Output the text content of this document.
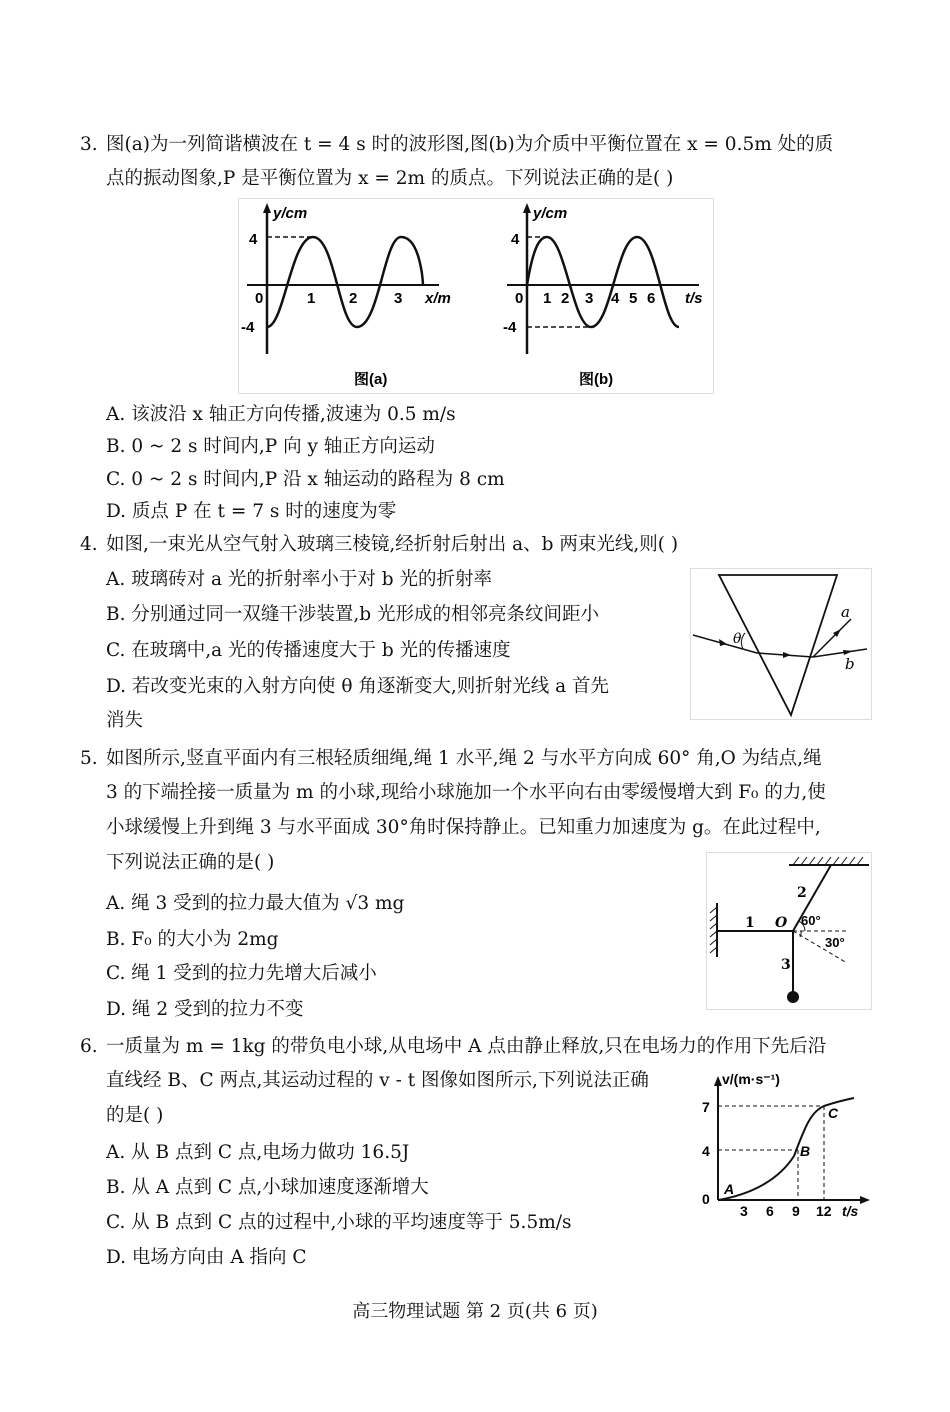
3. 图(a)为一列简谐横波在 t = 4 s 时的波形图,图(b)为介质中平衡位置在 x = 0.5m 处的质
点的振动图象,P 是平衡位置为 x = 2m 的质点。下列说法正确的是( )
y/cm
4
-4
0	1 2 3 x/m
图(a)
y/cm
4
-4
0 1 2 3 4 5 6 t/s
图(b)
A. 该波沿 x 轴正方向传播,波速为 0.5 m/s
B. 0 ~ 2 s 时间内,P 向 y 轴正方向运动
C. 0 ~ 2 s 时间内,P 沿 x 轴运动的路程为 8 cm
D. 质点 P 在 t = 7 s 时的速度为零
4. 如图,一束光从空气射入玻璃三棱镜,经折射后射出 a、b 两束光线,则( )
A. 玻璃砖对 a 光的折射率小于对 b 光的折射率
B. 分别通过同一双缝干涉装置,b 光形成的相邻亮条纹间距小
C. 在玻璃中,a 光的传播速度大于 b 光的传播速度
D. 若改变光束的入射方向使 θ 角逐渐变大,则折射光线 a 首先
消失
θ
a
b
5. 如图所示,竖直平面内有三根轻质细绳,绳 1 水平,绳 2 与水平方向成 60° 角,O 为结点,绳
3 的下端拴接一质量为 m 的小球,现给小球施加一个水平向右由零缓慢增大到 F₀ 的力,使
小球缓慢上升到绳 3 与水平面成 30°角时保持静止。已知重力加速度为 g。在此过程中,
下列说法正确的是( )
A. 绳 3 受到的拉力最大值为 √3 mg
B. F₀ 的大小为 2mg
C. 绳 1 受到的拉力先增大后减小
D. 绳 2 受到的拉力不变
1
2
3
O 60°
30°
6. 一质量为 m = 1kg 的带负电小球,从电场中 A 点由静止释放,只在电场力的作用下先后沿
直线经 B、C 两点,其运动过程的 v - t 图像如图所示,下列说法正确
的是( )
A. 从 B 点到 C 点,电场力做功 16.5J
B. 从 A 点到 C 点,小球加速度逐渐增大
C. 从 B 点到 C 点的过程中,小球的平均速度等于 5.5m/s
D. 电场方向由 A 指向 C
v/(m·s⁻¹)
7
4
0
3 6 9 12 t/s
A
B
C
高三物理试题 第 2 页(共 6 页)
